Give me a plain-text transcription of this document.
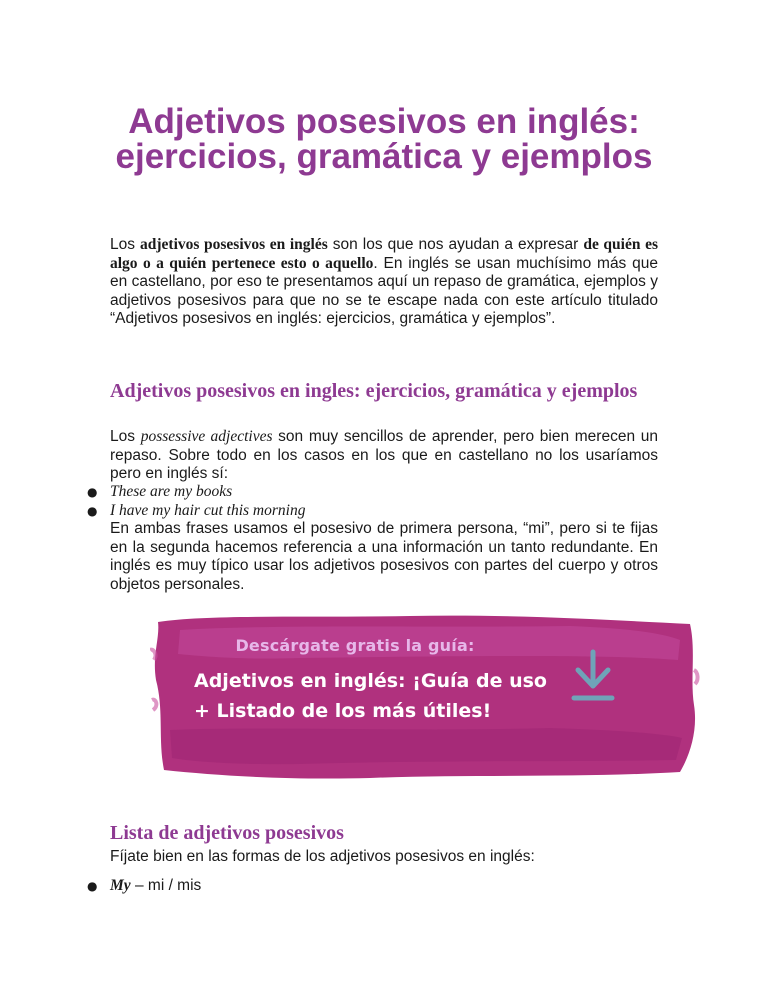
Adjetivos posesivos en inglés: ejercicios, gramática y ejemplos

Los adjetivos posesivos en inglés son los que nos ayudan a expresar de quién es algo o a quién pertenece esto o aquello. En inglés se usan muchísimo más que en castellano, por eso te presentamos aquí un repaso de gramática, ejemplos y adjetivos posesivos para que no se te escape nada con este artículo titulado “Adjetivos posesivos en inglés: ejercicios, gramática y ejemplos”.

Adjetivos posesivos en ingles: ejercicios, gramática y ejemplos

Los possessive adjectives son muy sencillos de aprender, pero bien merecen un repaso. Sobre todo en los casos en los que en castellano no los usaríamos pero en inglés sí:

● These are my books
● I have my hair cut this morning

En ambas frases usamos el posesivo de primera persona, “mi”, pero si te fijas en la segunda hacemos referencia a una información un tanto redundante. En inglés es muy típico usar los adjetivos posesivos con partes del cuerpo y otros objetos personales.

Descárgate gratis la guía:
Adjetivos en inglés: ¡Guía de uso
+ Listado de los más útiles!
Lista de adjetivos posesivos

Fíjate bien en las formas de los adjetivos posesivos en inglés:

● My – mi / mis
